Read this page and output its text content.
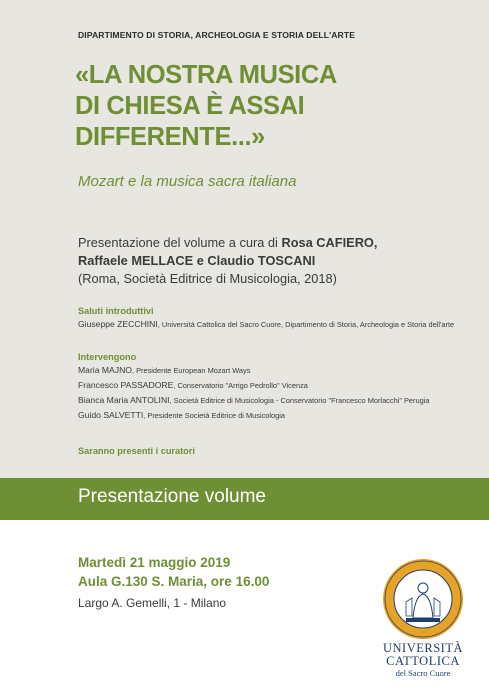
DIPARTIMENTO DI STORIA, ARCHEOLOGIA E STORIA DELL'ARTE
«LA NOSTRA MUSICA
DI CHIESA È ASSAI
DIFFERENTE...»
Mozart e la musica sacra italiana
Presentazione del volume a cura di Rosa CAFIERO,
Raffaele MELLACE e Claudio TOSCANI
(Roma, Società Editrice di Musicologia, 2018)
Saluti introduttivi
Giuseppe ZECCHINI, Università Cattolica del Sacro Cuore, Dipartimento di Storia, Archeologia e Storia dell'arte
Intervengono
Maria MAJNO, Presidente European Mozart Ways
Francesco PASSADORE, Conservatorio "Arrigo Pedrollo" Vicenza
Bianca Maria ANTOLINI, Società Editrice di Musicologia - Conservatorio "Francesco Morlacchi" Perugia
Guido SALVETTI, Presidente Società Editrice di Musicologia
Saranno presenti i curatori
Presentazione volume
Martedì 21 maggio 2019
Aula G.130 S. Maria, ore 16.00
Largo A. Gemelli, 1 - Milano
UNIVERSITÀ
CATTOLICA
del Sacro Cuore
